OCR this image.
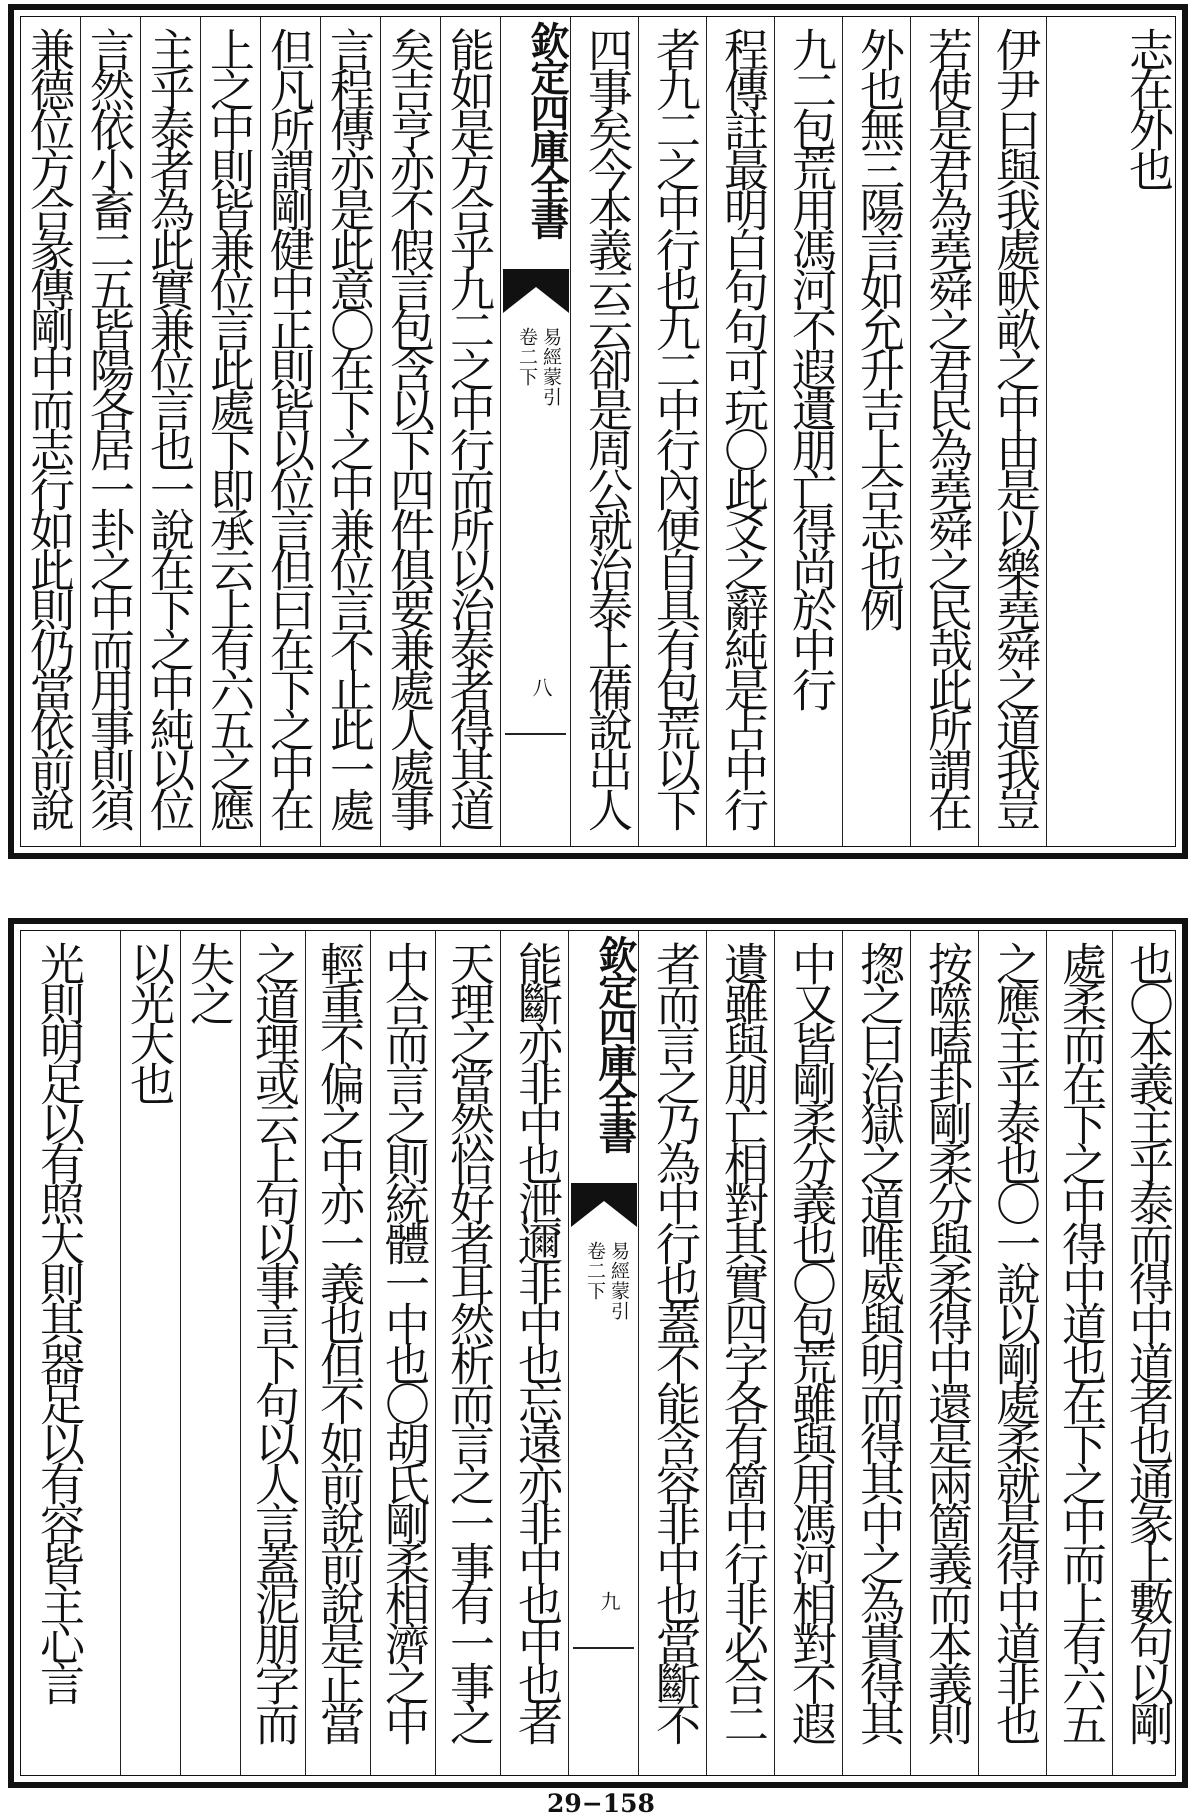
兼德位方合彖傳剛中而志行如此則仍當依前說 言然依小畜二五皆陽各居一卦之中而用事則須 主乎泰者為此實兼位言也一說在下之中純以位 上之中則皆兼位言此處下即承云上有六五之應 但凡所謂剛健中正則皆以位言但曰在下之中在 言程傳亦是此意〇在下之中兼位言不止此一處 矣吉亨亦不假言包含以下四件俱要兼處人處事 能如是方合乎九二之中行而所以治泰者得其道 欽定四庫全書
易經蒙引
卷二下
八 四事矣今本義云云卻是周公就治泰上備說出人 者九二之中行也九二中行內便自具有包荒以下 程傳註最明白句句可玩〇此爻之辭純是占中行 九二包荒用馮河不遐遺朋亡得尚於中行 外也無三陽言如允升吉上合志也例 若使是君為堯舜之君民為堯舜之民哉此所謂在 伊尹曰與我處畎畝之中由是以樂堯舜之道我豈	志在外也
光則明足以有照大則其器足以有容皆主心言 以光大也 失之 之道理或云上句以事言下句以人言蓋泥朋字而 輕重不偏之中亦一義也但不如前說前說是正當 中合而言之則統體一中也〇胡氏剛柔相濟之中 天理之當然恰好者耳然析而言之一事有一事之 能斷亦非中也泄邇非中也忘遠亦非中也中也者 欽定四庫全書
易經蒙引
卷二下
九 者而言之乃為中行也蓋不能含容非中也當斷不 遺雖與朋亡相對其實四字各有箇中行非必合二 中又皆剛柔分義也〇包荒雖與用馮河相對不遐 揔之曰治獄之道唯威與明而得其中之為貴得其 按噬嗑卦剛柔分與柔得中還是兩箇義而本義則 之應主乎泰也〇一說以剛處柔就是得中道非也 處柔而在下之中得中道也在下之中而上有六五 也〇本義主乎泰而得中道者也通彖上數句以剛
29−158
